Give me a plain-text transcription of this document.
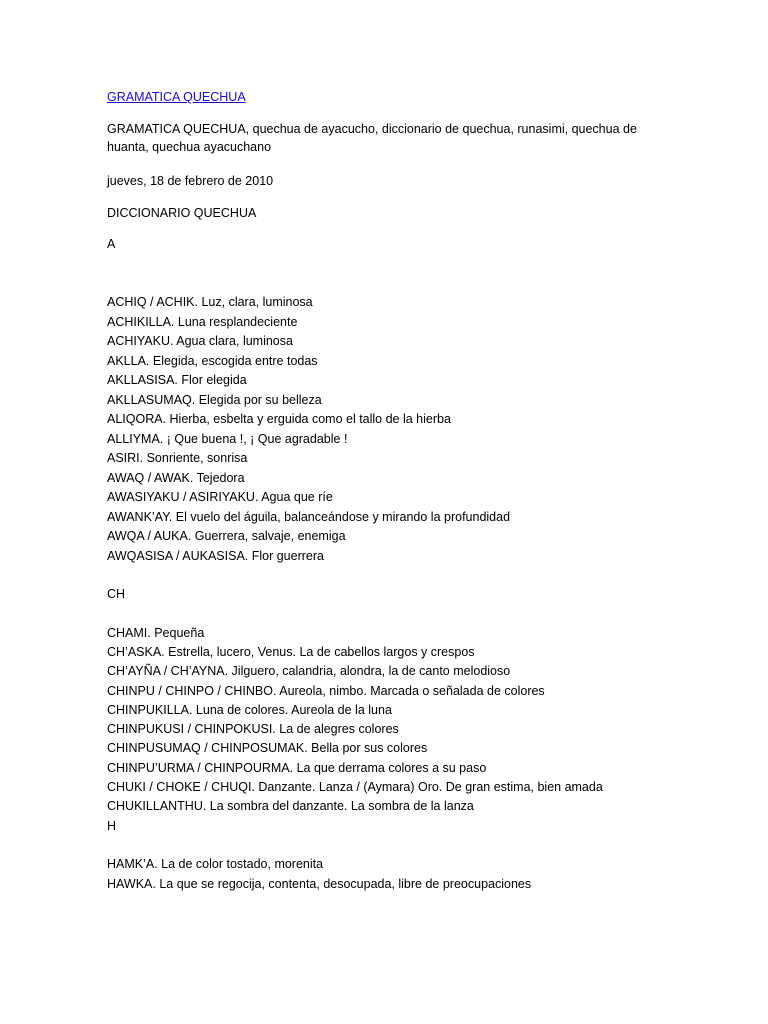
GRAMATICA QUECHUA
GRAMATICA QUECHUA, quechua de ayacucho, diccionario de quechua, runasimi, quechua de huanta, quechua ayacuchano
jueves, 18 de febrero de 2010
DICCIONARIO QUECHUA
A
ACHIQ / ACHIK. Luz, clara, luminosa
ACHIKILLA. Luna resplandeciente
ACHIYAKU. Agua clara, luminosa
AKLLA. Elegida, escogida entre todas
AKLLASISA. Flor elegida
AKLLASUMAQ. Elegida por su belleza
ALIQORA. Hierba, esbelta y erguida como el tallo de la hierba
ALLIYMA. ¡ Que buena !, ¡ Que agradable !
ASIRI. Sonriente, sonrisa
AWAQ / AWAK. Tejedora
AWASIYAKU / ASIRIYAKU. Agua que ríe
AWANK’AY. El vuelo del águila, balanceándose y mirando la profundidad
AWQA / AUKA. Guerrera, salvaje, enemiga
AWQASISA / AUKASISA. Flor guerrera
CH
CHAMI. Pequeña
CH’ASKA. Estrella, lucero, Venus. La de cabellos largos y crespos
CH’AYÑA / CH’AYNA. Jilguero, calandria, alondra, la de canto melodioso
CHINPU / CHINPO / CHINBO. Aureola, nimbo. Marcada o señalada de colores
CHINPUKILLA. Luna de colores. Aureola de la luna
CHINPUKUSI / CHINPOKUSI. La de alegres colores
CHINPUSUMAQ / CHINPOSUMAK. Bella por sus colores
CHINPU’URMA / CHINPOURMA. La que derrama colores a su paso
CHUKI / CHOKE / CHUQI. Danzante. Lanza / (Aymara) Oro. De gran estima, bien amada
CHUKILLANTHU. La sombra del danzante. La sombra de la lanza
H
HAMK’A. La de color tostado, morenita
HAWKA. La que se regocija, contenta, desocupada, libre de preocupaciones
